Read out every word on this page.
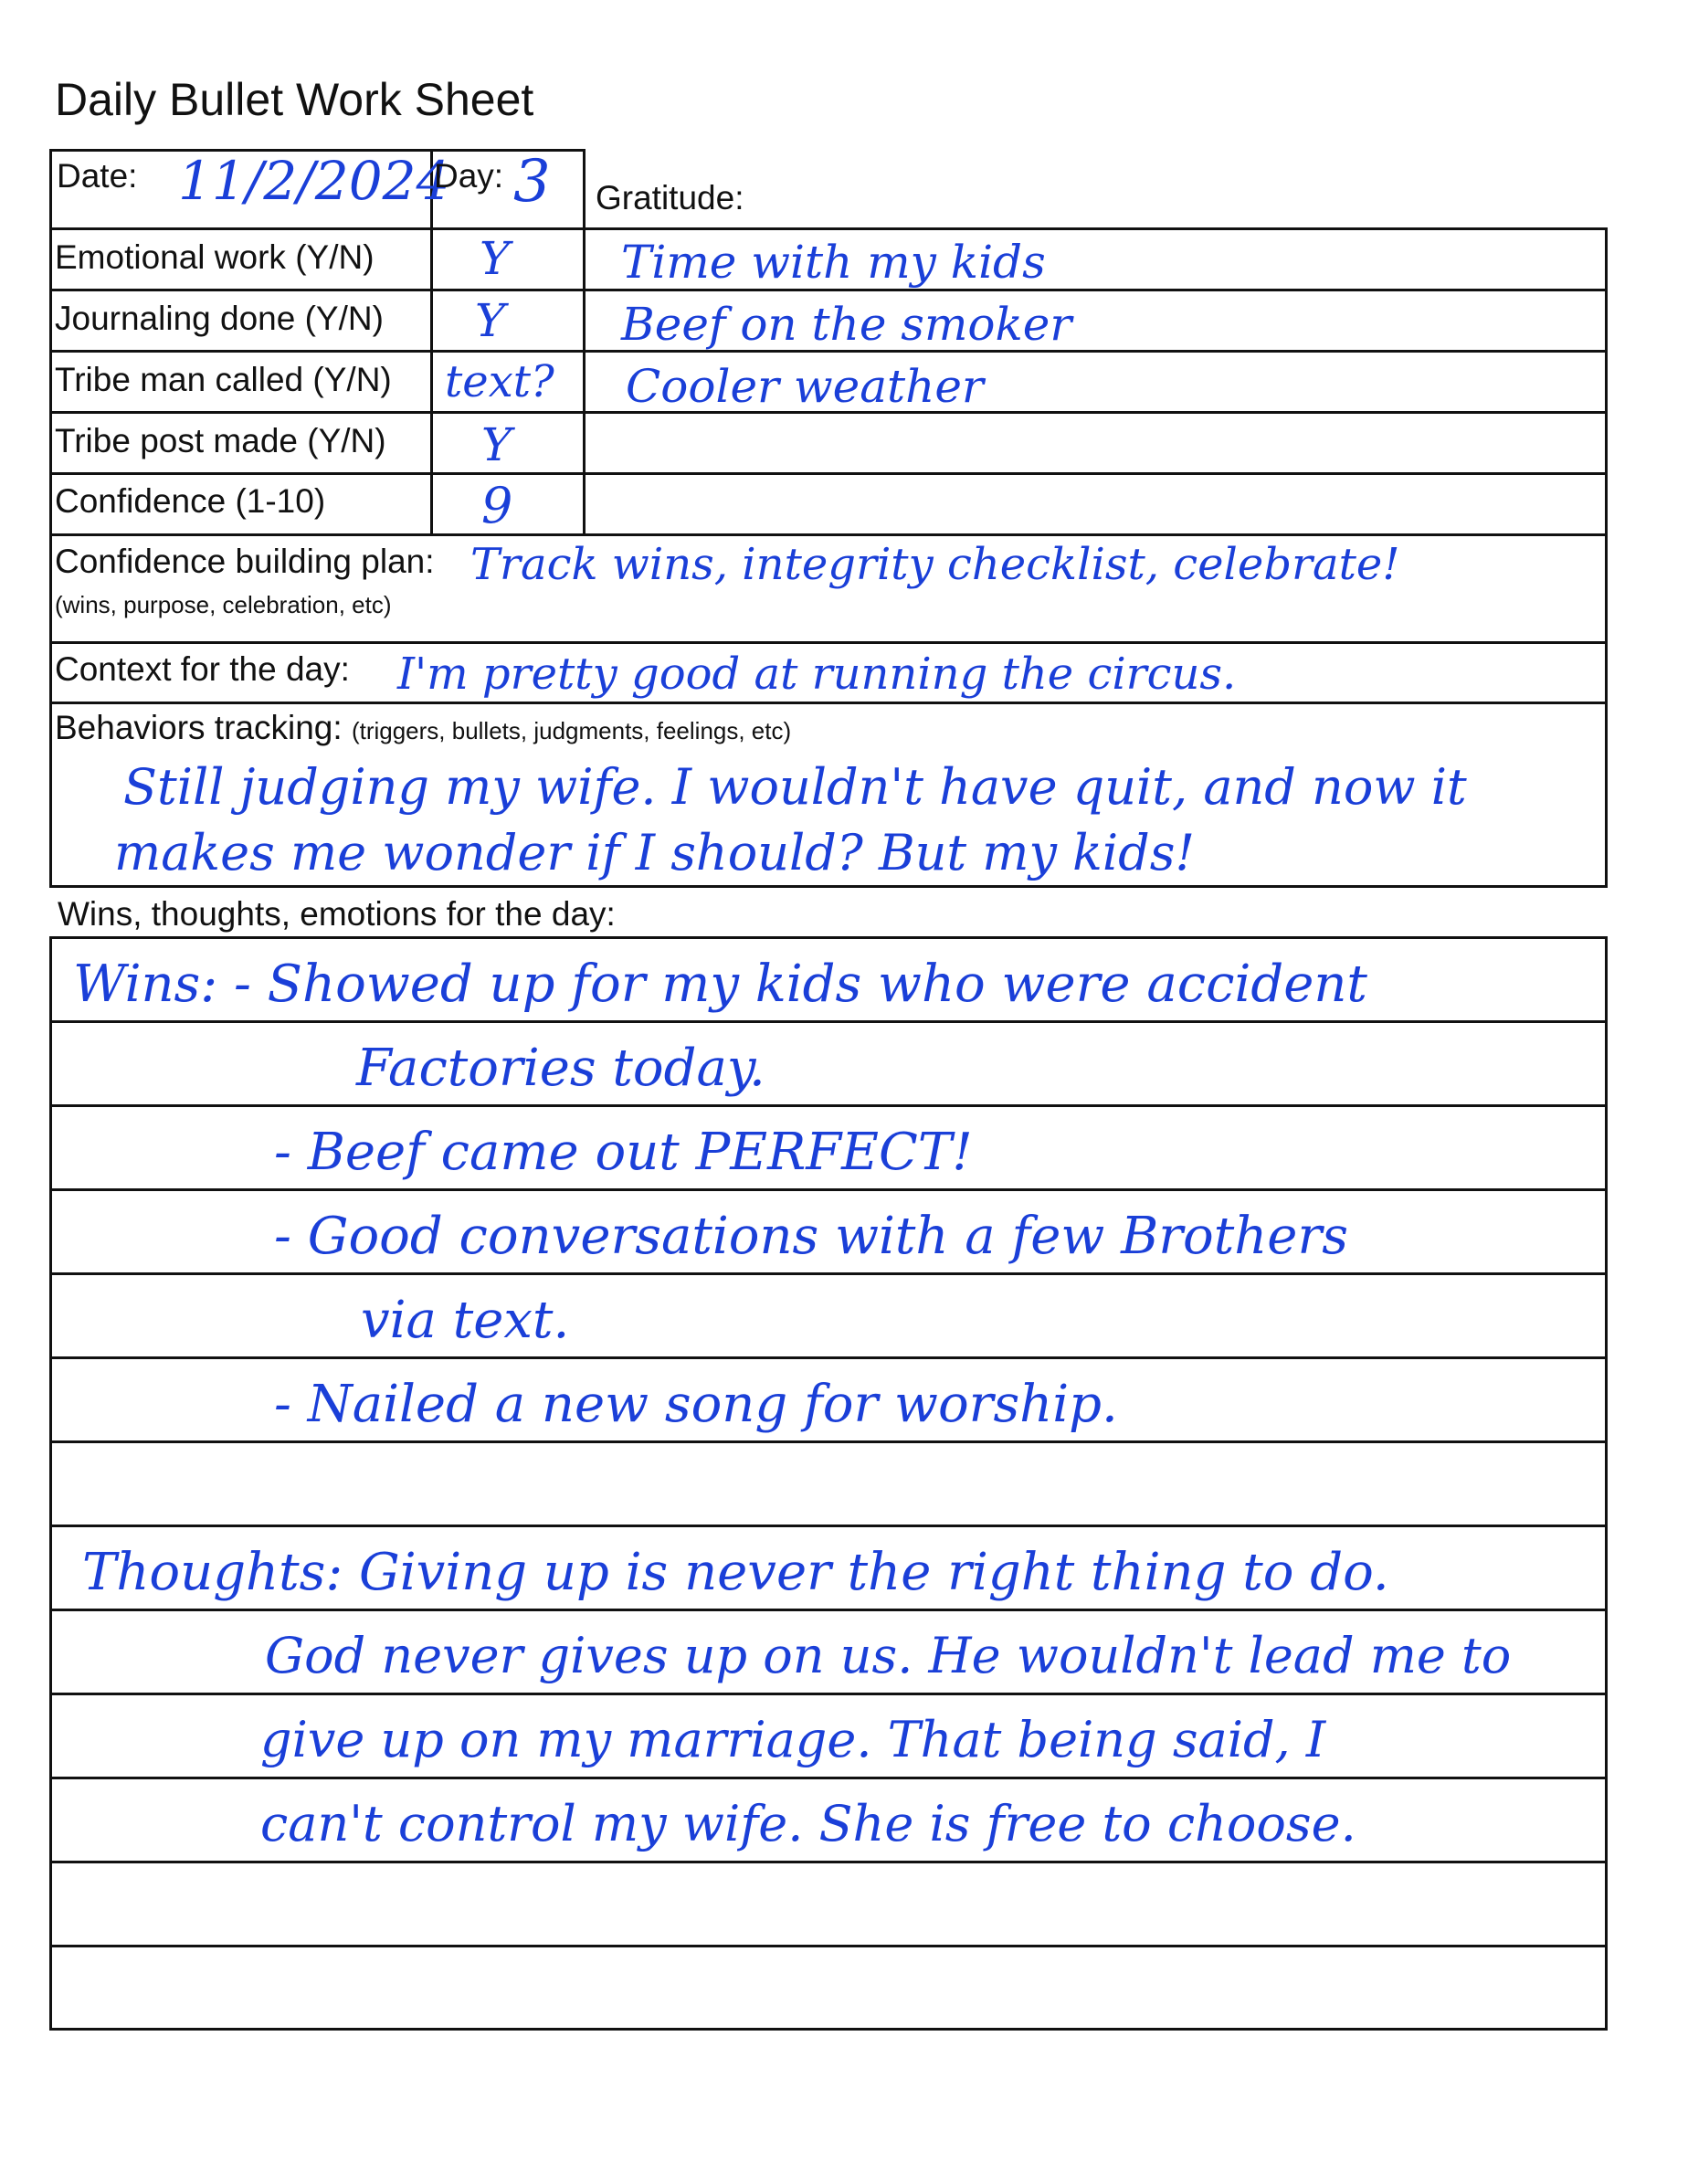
Daily Bullet Work Sheet
Date: 11/2/2024
Day: 3 Gratitude:
Emotional work (Y/N)
Journaling done (Y/N)
Tribe man called (Y/N)
Tribe post made (Y/N)
Confidence (1-10)
Y
Y
text?
Y
9
Time with my kids
Beef on the smoker
Cooler weather
Confidence building plan:
(wins, purpose, celebration, etc)
Track wins, integrity checklist, celebrate!
Context for the day: I'm pretty good at running the circus.
Behaviors tracking: (triggers, bullets, judgments, feelings, etc)
Still judging my wife. I wouldn't have quit, and now it
makes me wonder if I should? But my kids!
Wins, thoughts, emotions for the day:
Wins: - Showed up for my kids who were accident
Factories today.
- Beef came out PERFECT!
- Good conversations with a few Brothers
via text.
- Nailed a new song for worship.
Thoughts: Giving up is never the right thing to do.
God never gives up on us. He wouldn't lead me to
give up on my marriage. That being said, I
can't control my wife. She is free to choose.
